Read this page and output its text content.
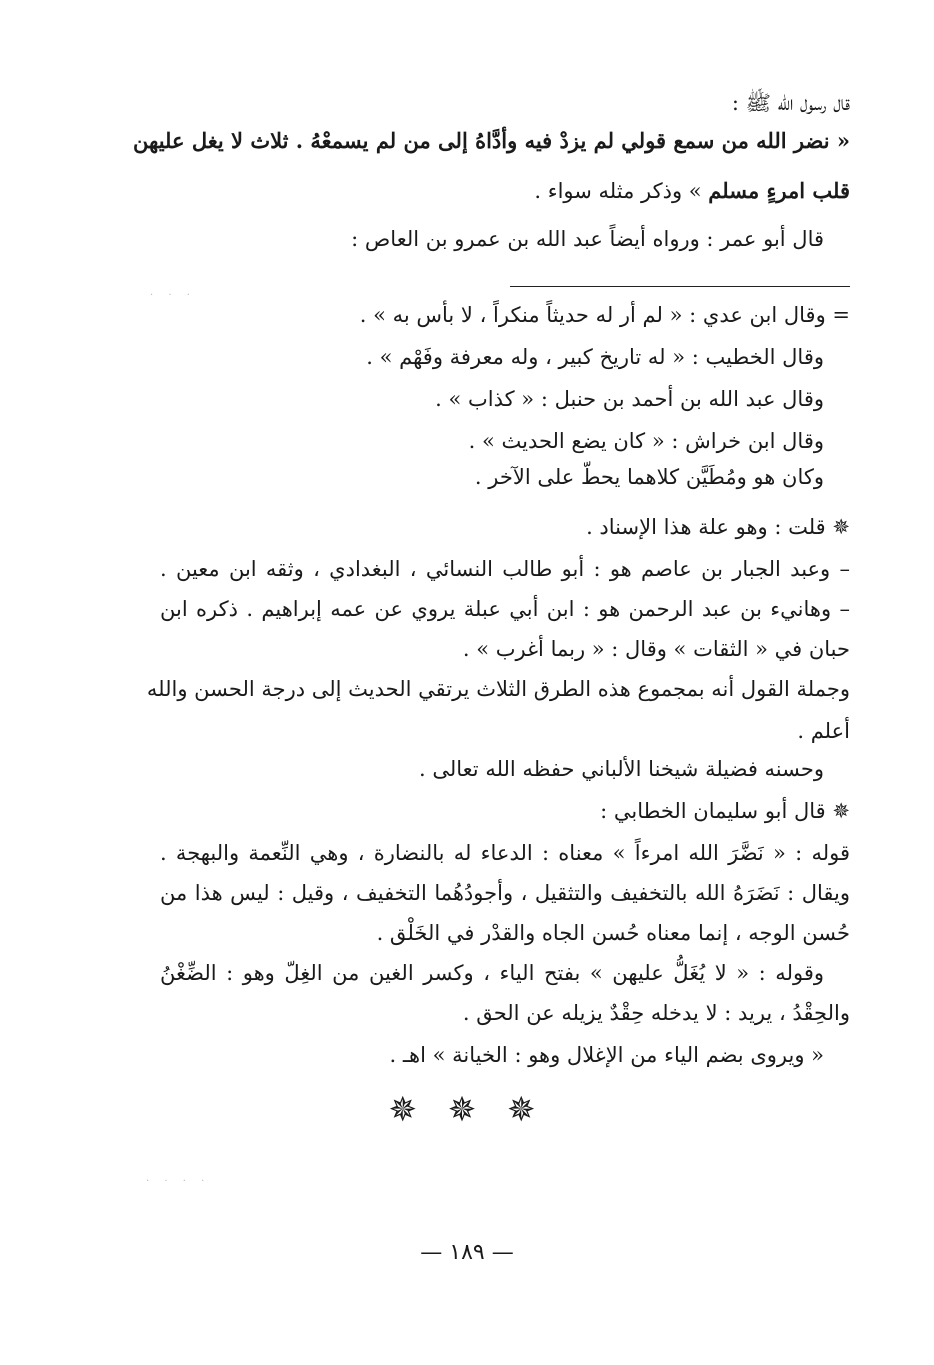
قال رسول الله ﷺ :
« نضر الله من سمع قولي لم يزدْ فيه وأدَّاهُ إلى من لم يسمعْهُ . ثلاث لا يغل عليهن
قلب امرءٍ مسلم » وذكر مثله سواء .
قال أبو عمر : ورواه أيضاً عبد الله بن عمرو بن العاص :
· · ·
= وقال ابن عدي : « لم أر له حديثاً منكراً ، لا بأس به » .
وقال الخطيب : « له تاريخ كبير ، وله معرفة وفَهْم » .
وقال عبد الله بن أحمد بن حنبل : « كذاب » .
وقال ابن خراش : « كان يضع الحديث » .
وكان هو ومُطَيَّن كلاهما يحطّ على الآخر .
✵ قلت : وهو علة هذا الإسناد .
– وعبد الجبار بن عاصم هو : أبو طالب النسائي ، البغدادي ، وثقه ابن معين .
– وهانيء بن عبد الرحمن هو : ابن أبي عبلة يروي عن عمه إبراهيم . ذكره ابن
حبان في « الثقات » وقال : « ربما أغرب » .
وجملة القول أنه بمجموع هذه الطرق الثلاث يرتقي الحديث إلى درجة الحسن والله
أعلم .
وحسنه فضيلة شيخنا الألباني حفظه الله تعالى .
✵ قال أبو سليمان الخطابي :
قوله : « نَضَّرَ الله امرءاً » معناه : الدعاء له بالنضارة ، وهي النِّعمة والبهجة .
ويقال : نَضَرَهُ الله بالتخفيف والتثقيل ، وأجودُهُما التخفيف ، وقيل : ليس هذا من
حُسن الوجه ، إنما معناه حُسن الجاه والقدْر في الخَلْق .
وقوله : « لا يُغَلُّ عليهن » بفتح الياء ، وكسر الغين من الغِلّ وهو : الضِّغْنُ
والحِقْدُ ، يريد : لا يدخله حِقْدٌ يزيله عن الحق .
« ويروى بضم الياء من الإغلال وهو : الخيانة » اهـ .
✵ ✵ ✵
· · · ·
— ١٨٩ —
